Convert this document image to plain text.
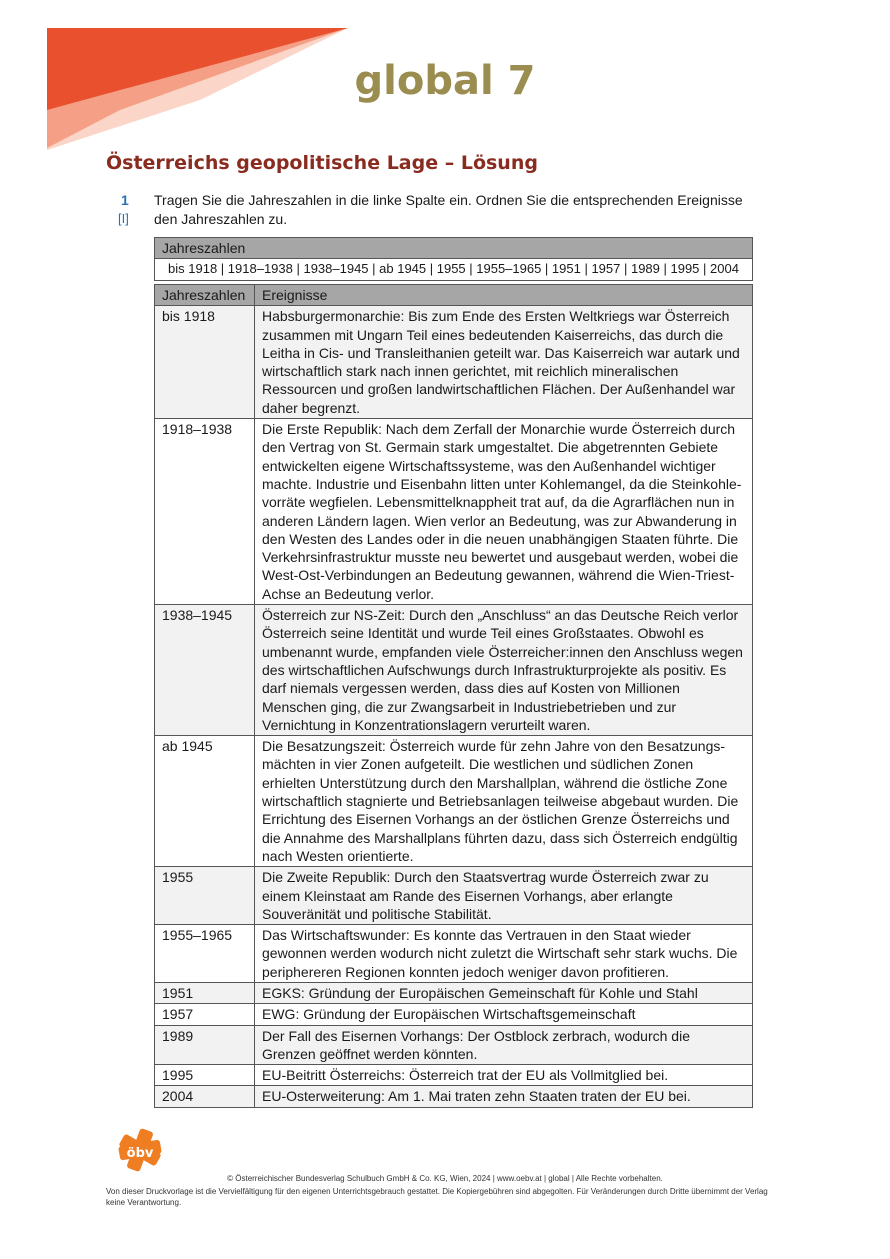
global 7
Österreichs geopolitische Lage – Lösung
1
[I]

Tragen Sie die Jahreszahlen in die linke Spalte ein. Ordnen Sie die entsprechenden Ereignisse den Jahreszahlen zu.

Jahreszahlen
bis 1918 | 1918–1938 | 1938–1945 | ab 1945 | 1955 | 1955–1965 | 1951 | 1957 | 1989 | 1995 | 2004
Jahreszahlen	Ereignisse
bis 1918	Habsburgermonarchie: Bis zum Ende des Ersten Weltkriegs war Österreich zusammen mit Ungarn Teil eines bedeutenden Kaiserreichs, das durch die Leitha in Cis- und Transleithanien geteilt war. Das Kaiserreich war autark und wirtschaftlich stark nach innen gerichtet, mit reichlich mineralischen Ressourcen und großen landwirtschaftlichen Flächen. Der Außenhandel war daher begrenzt.
1918–1938	Die Erste Republik: Nach dem Zerfall der Monarchie wurde Österreich durch den Vertrag von St. Germain stark umgestaltet. Die abgetrennten Gebiete entwickelten eigene Wirtschaftssysteme, was den Außenhandel wichtiger machte. Industrie und Eisenbahn litten unter Kohlemangel, da die Steinkohle-vorräte wegfielen. Lebensmittelknappheit trat auf, da die Agrarflächen nun in anderen Ländern lagen. Wien verlor an Bedeutung, was zur Abwanderung in den Westen des Landes oder in die neuen unabhängigen Staaten führte. Die Verkehrsinfrastruktur musste neu bewertet und ausgebaut werden, wobei die West-Ost-Verbindungen an Bedeutung gewannen, während die Wien-Triest-Achse an Bedeutung verlor.
1938–1945	Österreich zur NS-Zeit: Durch den „Anschluss“ an das Deutsche Reich verlor Österreich seine Identität und wurde Teil eines Großstaates. Obwohl es umbenannt wurde, empfanden viele Österreicher:innen den Anschluss wegen des wirtschaftlichen Aufschwungs durch Infrastrukturprojekte als positiv. Es darf niemals vergessen werden, dass dies auf Kosten von Millionen Menschen ging, die zur Zwangsarbeit in Industriebetrieben und zur Vernichtung in Konzentrationslagern verurteilt waren.
ab 1945	Die Besatzungszeit: Österreich wurde für zehn Jahre von den Besatzungs-mächten in vier Zonen aufgeteilt. Die westlichen und südlichen Zonen erhielten Unterstützung durch den Marshallplan, während die östliche Zone wirtschaftlich stagnierte und Betriebsanlagen teilweise abgebaut wurden. Die Errichtung des Eisernen Vorhangs an der östlichen Grenze Österreichs und die Annahme des Marshallplans führten dazu, dass sich Österreich endgültig nach Westen orientierte.
1955	Die Zweite Republik: Durch den Staatsvertrag wurde Österreich zwar zu einem Kleinstaat am Rande des Eisernen Vorhangs, aber erlangte Souveränität und politische Stabilität.
1955–1965	Das Wirtschaftswunder: Es konnte das Vertrauen in den Staat wieder gewonnen werden wodurch nicht zuletzt die Wirtschaft sehr stark wuchs. Die periphereren Regionen konnten jedoch weniger davon profitieren.
1951	EGKS: Gründung der Europäischen Gemeinschaft für Kohle und Stahl
1957	EWG: Gründung der Europäischen Wirtschaftsgemeinschaft
1989	Der Fall des Eisernen Vorhangs: Der Ostblock zerbrach, wodurch die Grenzen geöffnet werden könnten.
1995	EU-Beitritt Österreichs: Österreich trat der EU als Vollmitglied bei.
2004	EU-Osterweiterung: Am 1. Mai traten zehn Staaten traten der EU bei.
öbv
© Österreichischer Bundesverlag Schulbuch GmbH & Co. KG, Wien, 2024 | www.oebv.at | global | Alle Rechte vorbehalten.
Von dieser Druckvorlage ist die Vervielfältigung für den eigenen Unterrichtsgebrauch gestattet. Die Kopiergebühren sind abgegolten. Für Veränderungen durch Dritte übernimmt der Verlag keine Verantwortung.
